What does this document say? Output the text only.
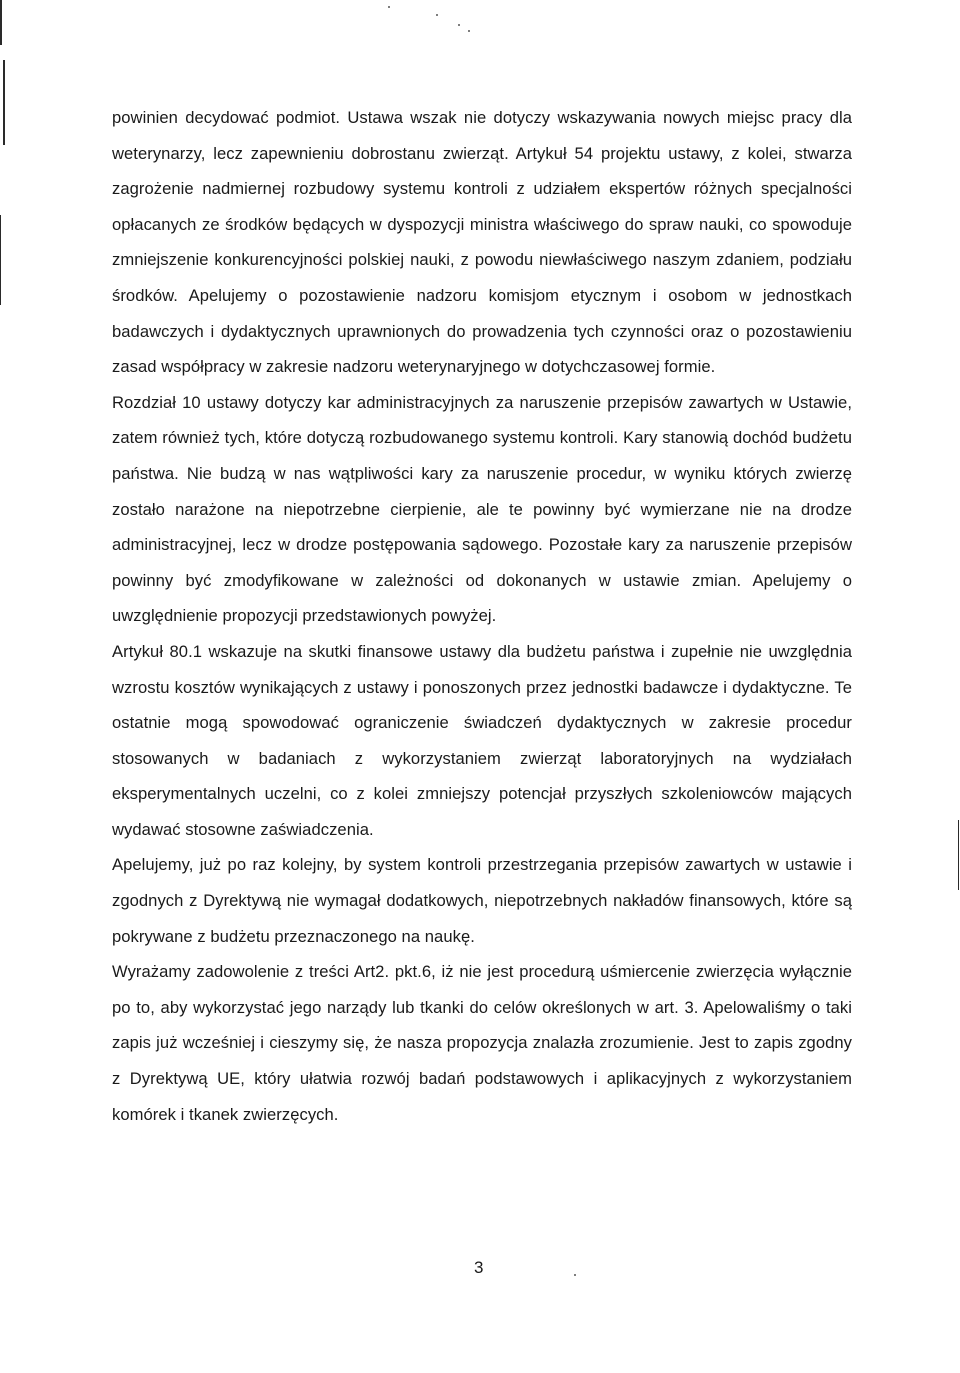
powinien decydować podmiot. Ustawa wszak nie dotyczy wskazywania nowych miejsc pracy dla weterynarzy, lecz zapewnieniu dobrostanu zwierząt. Artykuł 54 projektu ustawy, z kolei, stwarza zagrożenie nadmiernej rozbudowy systemu kontroli z udziałem ekspertów różnych specjalności opłacanych ze środków będących w dyspozycji ministra właściwego do spraw nauki, co spowoduje zmniejszenie konkurencyjności polskiej nauki, z powodu niewłaściwego naszym zdaniem, podziału środków. Apelujemy o pozostawienie nadzoru komisjom etycznym i osobom w jednostkach badawczych i dydaktycznych uprawnionych do prowadzenia tych czynności oraz o pozostawieniu zasad współpracy w zakresie nadzoru weterynaryjnego w dotychczasowej formie.

Rozdział 10 ustawy dotyczy kar administracyjnych za naruszenie przepisów zawartych w Ustawie, zatem również tych, które dotyczą rozbudowanego systemu kontroli. Kary stanowią dochód budżetu państwa. Nie budzą w nas wątpliwości kary za naruszenie procedur, w wyniku których zwierzę zostało narażone na niepotrzebne cierpienie, ale te powinny być wymierzane nie na drodze administracyjnej, lecz w drodze postępowania sądowego. Pozostałe kary za naruszenie przepisów powinny być zmodyfikowane w zależności od dokonanych w ustawie zmian. Apelujemy o uwzględnienie propozycji przedstawionych powyżej.

Artykuł 80.1 wskazuje na skutki finansowe ustawy dla budżetu państwa i zupełnie nie uwzględnia wzrostu kosztów wynikających z ustawy i ponoszonych przez jednostki badawcze i dydaktyczne. Te ostatnie mogą spowodować ograniczenie świadczeń dydaktycznych w zakresie procedur stosowanych w badaniach z wykorzystaniem zwierząt laboratoryjnych na wydziałach eksperymentalnych uczelni, co z kolei zmniejszy potencjał przyszłych szkoleniowców mających wydawać stosowne zaświadczenia.

Apelujemy, już po raz kolejny, by system kontroli przestrzegania przepisów zawartych w ustawie i zgodnych z Dyrektywą nie wymagał dodatkowych, niepotrzebnych nakładów finansowych, które są pokrywane z budżetu przeznaczonego na naukę.

Wyrażamy zadowolenie z treści Art2. pkt.6, iż nie jest procedurą uśmiercenie zwierzęcia wyłącznie po to, aby wykorzystać jego narządy lub tkanki do celów określonych w art. 3. Apelowaliśmy o taki zapis już wcześniej i cieszymy się, że nasza propozycja znalazła zrozumienie. Jest to zapis zgodny z Dyrektywą UE, który ułatwia rozwój badań podstawowych i aplikacyjnych z wykorzystaniem komórek i tkanek zwierzęcych.

3
